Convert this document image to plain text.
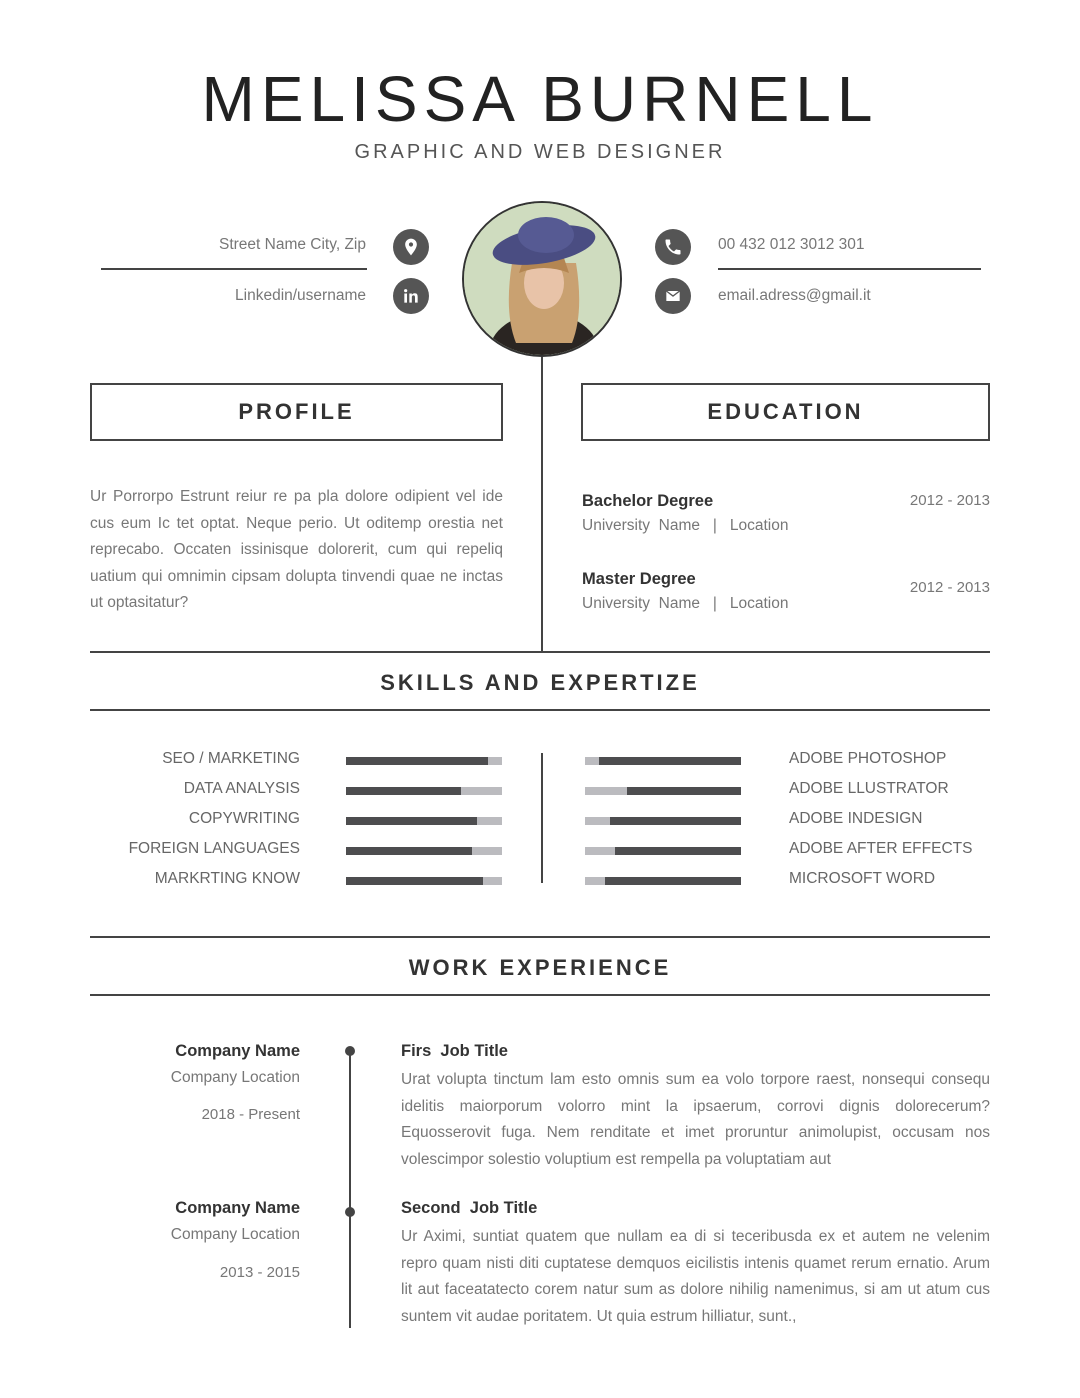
MELISSA BURNELL
GRAPHIC AND WEB DESIGNER
Street Name City, Zip
Linkedin/username
00 432 012 3012 301
email.adress@gmail.it
PROFILE
Ur Porrorpo Estrunt reiur re pa pla dolore odipient vel ide cus eum Ic tet optat. Neque perio. Ut oditemp orestia net reprecabo. Occaten issinisque dolorerit, cum qui repeliq uatium qui omnimin cipsam dolupta tinvendi quae ne inctas ut optasitatur?
EDUCATION
Bachelor Degree	2012 - 2013
University  Name   |   Location
Master Degree	2012 - 2013
University  Name   |   Location
SKILLS AND EXPERTIZE
SEO / MARKETING
DATA ANALYSIS
COPYWRITING
FOREIGN LANGUAGES
MARKRTING KNOW
ADOBE PHOTOSHOP
ADOBE LLUSTRATOR
ADOBE INDESIGN
ADOBE AFTER EFFECTS
MICROSOFT WORD
WORK EXPERIENCE
Company Name
Company Location
2018 - Present
Firs  Job Title
Urat volupta tinctum lam esto omnis sum ea volo torpore raest, nonsequi consequ idelitis maiorporum volorro mint la ipsaerum, corrovi dignis dolorecerum? Equosserovit fuga. Nem renditate et imet proruntur animolupist, occusam nos volescimpor solestio voluptium est rempella pa voluptatiam aut
Company Name
Company Location
2013 - 2015
Second  Job Title
Ur Aximi, suntiat quatem que nullam ea di si teceribusda ex et autem ne velenim repro quam nisti diti cuptatese demquos eicilistis intenis quamet rerum ernatio. Arum lit aut faceatatecto corem natur sum as dolore nihilig namenimus, si am ut atum cus suntem vit audae poritatem. Ut quia estrum hilliatur, sunt.,
